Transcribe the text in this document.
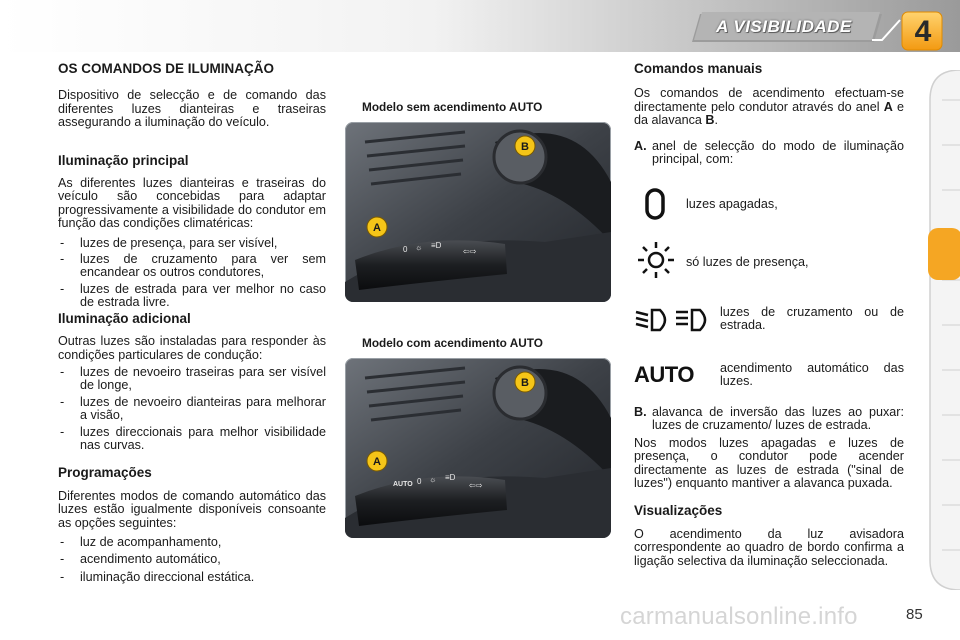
A VISIBILIDADE	4

OS COMANDOS DE ILUMINAÇÃO

Dispositivo de selecção e de comando das diferentes luzes dianteiras e traseiras assegurando a iluminação do veículo.

Iluminação principal

As diferentes luzes dianteiras e traseiras do veículo são concebidas para adaptar progressivamente a visibilidade do condutor em função das condições climatéricas:

- luzes de presença, para ser visível,
- luzes de cruzamento para ver sem encandear os outros condutores,
- luzes de estrada para ver melhor no caso de estrada livre.

Iluminação adicional

Outras luzes são instaladas para responder às condições particulares de condução:

- luzes de nevoeiro traseiras para ser visível de longe,
- luzes de nevoeiro dianteiras para melhorar a visão,
- luzes direccionais para melhor visibilidade nas curvas.

Programações

Diferentes modos de comando automático das luzes estão igualmente disponíveis consoante as opções seguintes:

- luz de acompanhamento,
- acendimento automático,
- iluminação direccional estática.
Modelo sem acendimento AUTO
0 ☼ ≡D
⇦⇨
A
B
Modelo com acendimento AUTO
AUTO 0 ☼ ≡D
⇦⇨
A
B

Comandos manuais

Os comandos de acendimento efectuam-se directamente pelo condutor através do anel A e da alavanca B.

A. anel de selecção do modo de iluminação principal, com:
luzes apagadas,
só luzes de presença,
luzes de cruzamento ou de estrada.
AUTO acendimento automático das luzes.
B. alavanca de inversão das luzes ao puxar: luzes de cruzamento/ luzes de estrada.

Nos modos luzes apagadas e luzes de presença, o condutor pode acender directamente as luzes de estrada ("sinal de luzes") enquanto mantiver a alavanca puxada.

Visualizações

O acendimento da luz avisadora correspondente ao quadro de bordo confirma a ligação selectiva da iluminação seleccionada.

carmanualsonline.info	85
